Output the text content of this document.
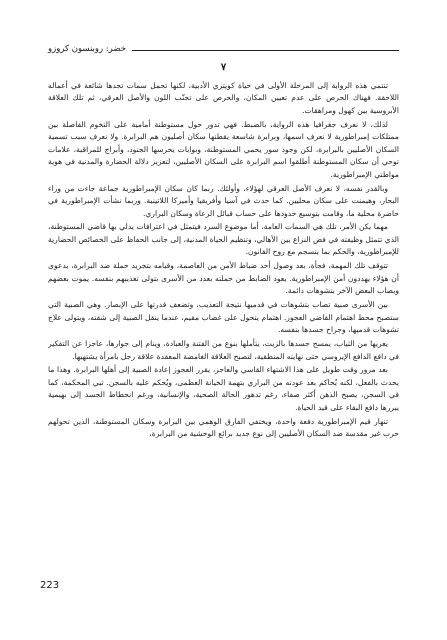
خضر: روبنسون كروزو
٧

تنتمي هذه الرواية إلى المرحلة الأولى في حياة كويتزي الأدبية، لكنها تحمل سمات تجدها شائعة في أعماله اللاحقة. فهناك الحرص على عدم تعيين المكان، والحرص على تجنّب اللون والأصل العرقي، ثم تلك العلاقة الأبروسية بين كهول ومراهقات.

لذلك، لا نعرف جغرافيا هذه الرواية، بالضبط. فهي تدور حول مستوطنة أمامية على التخوم الفاصلة بين ممتلكات إمبراطورية لا نعرف اسمها، وبرابرة شاسعة يقطنها سكان أصليون هم البرابرة. ولا نعرف سبب تسمية السكان الأصليين بالبرابرة، لكن وجود سور يحمي المستوطنة، وبوابات يحرسها الجنود، وأبراج للمراقبة، علامات توحي أن سكان المستوطنة أطلقوا اسم البرابرة على السكان الأصليين، لتعزيز دلالة الحضارة والمدنية في هوية مواطني الإمبراطورية.

وبالقدر نفسه، لا نعرف الأصل العرقي لهؤلاء، وأولئك. ربما كان سكان الإمبراطورية جماعة جاءت من وراء البحار، وهيمنت على سكان محليين. كما حدث في آسيا وأفريقيا وأميركا اللاتينية. وربما نشأت الإمبراطورية في حاضرة محلية ما، وقامت بتوسيع حدودها على حساب قبائل الرعاة وسكان البراري.

مهما يكن الأمر، تلك هي السمات العامة، أما موضوع السرد فيتمثل في اعترافات يدلي بها قاضي المستوطنة، الذي تتمثل وظيفته في فض النزاع بين الأهالي، وتنظيم الحياة المدنية، إلى جانب الحفاظ على الخصائص الحضارية للإمبراطورية، والحكم بما ينسجم مع روح القانون.

تتوقف تلك المهمة، فجأة، بعد وصول أحد ضباط الأمن من العاصمة، وقيامه بتجريد حملة ضد البرابرة، بدعوى أن هؤلاء يهددون أمن الإمبراطورية. يعود الضابط من حملته بعدد من الأسرى بتولى تعذيبهم بنفسه. يموت بعضهم ويصاب البعض الآخر بتشوهات دائمة.

بين الأسرى صبية تصاب بتشوهات في قدميها نتيجة التعذيب، وتضعف قدرتها على الإبصار. وهي الصبية التي ستصبح محط اهتمام القاضي العجوز. اهتمام يتحول على غصاب مقيم، عندما ينقل الصبية إلى شقته، ويتولى علاج تشوهات قدميها، وجراح جسدها بنفسه.

يعريها من الثياب، يمسح جسدها بالزيت، يتأملها بنوع من الفتنة والعبادة، وينام إلى جوارها، عاجزا عن التفكير في دافع الدافع الإيروسي حتى نهايته المنطقية، لتصبح العلاقة الغامضة المعقدة علاقة رجل بامرأة يشتهيها.

بعد مرور وقت طويل على هذا الاشتهاء القاسي والعاجز، يقرر العجوز إعادة الصبية إلى أهلها البرابرة. وهذا ما يحدث بالفعل، لكنه يُحاكم بعد عودته من البراري بتهمة الخيانة العظمى، ويُحكم عليه بالسجن. تبي المحكمة، كما في السجن، يصبح الذهن أكثر صفاء، رغم تدهور الحالة الصحية، والإنسانية، ورغم انحطاط الجسد إلى بهيمية يبررها دافع البقاء على قيد الحياة.

تنهار قيم الإمبراطورية دفعة واحدة، ويختفي الفارق الوهمي بين البرابرة وسكان المستوطنة، الذين تحولهم حرب غير مقدسة ضد السكان الأصليين إلى نوع جديد برائع الوحشية من البرابرة،

223
